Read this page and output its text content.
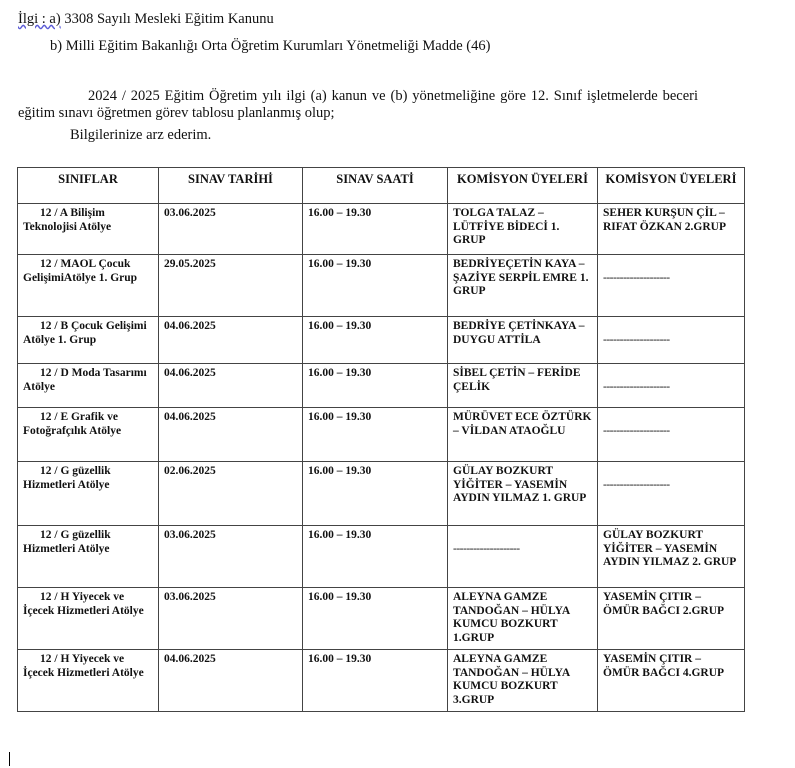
İlgi : a) 3308 Sayılı Mesleki Eğitim Kanunu
b) Milli Eğitim Bakanlığı Orta Öğretim Kurumları Yönetmeliği Madde (46)
2024 / 2025 Eğitim Öğretim yılı ilgi (a) kanun ve (b) yönetmeliğine göre 12. Sınıf işletmelerde beceri eğitim sınavı öğretmen görev tablosu planlanmış olup;
Bilgilerinize arz ederim.
SINIFLAR	SINAV TARİHİ	SINAV SAATİ	KOMİSYON ÜYELERİ	KOMİSYON ÜYELERİ
12 / A Bilişim Teknolojisi Atölye	03.06.2025	16.00 – 19.30	TOLGA TALAZ – LÜTFİYE BİDECİ 1. GRUP	SEHER KURŞUN ÇİL – RIFAT ÖZKAN 2.GRUP
12 / MAOL Çocuk GelişimiAtölye 1. Grup	29.05.2025	16.00 – 19.30	BEDRİYEÇETİN KAYA – ŞAZİYE SERPİL EMRE 1. GRUP	--------------------
12 / B Çocuk Gelişimi Atölye 1. Grup	04.06.2025	16.00 – 19.30	BEDRİYE ÇETİNKAYA – DUYGU ATTİLA	--------------------
12 / D Moda Tasarımı Atölye	04.06.2025	16.00 – 19.30	SİBEL ÇETİN – FERİDE ÇELİK	--------------------
12 / E Grafik ve Fotoğrafçılık Atölye	04.06.2025	16.00 – 19.30	MÜRÜVET ECE ÖZTÜRK – VİLDAN ATAOĞLU	--------------------
12 / G güzellik Hizmetleri Atölye	02.06.2025	16.00 – 19.30	GÜLAY BOZKURT YİĞİTER – YASEMİN AYDIN YILMAZ 1. GRUP	--------------------
12 / G güzellik Hizmetleri Atölye	03.06.2025	16.00 – 19.30	--------------------	GÜLAY BOZKURT YİĞİTER – YASEMİN AYDIN YILMAZ 2. GRUP
12 / H Yiyecek ve İçecek Hizmetleri Atölye	03.06.2025	16.00 – 19.30	ALEYNA GAMZE TANDOĞAN – HÜLYA KUMCU BOZKURT 1.GRUP	YASEMİN ÇITIR – ÖMÜR BAĞCI 2.GRUP
12 / H Yiyecek ve İçecek Hizmetleri Atölye	04.06.2025	16.00 – 19.30	ALEYNA GAMZE TANDOĞAN – HÜLYA KUMCU BOZKURT 3.GRUP	YASEMİN ÇITIR – ÖMÜR BAĞCI 4.GRUP
